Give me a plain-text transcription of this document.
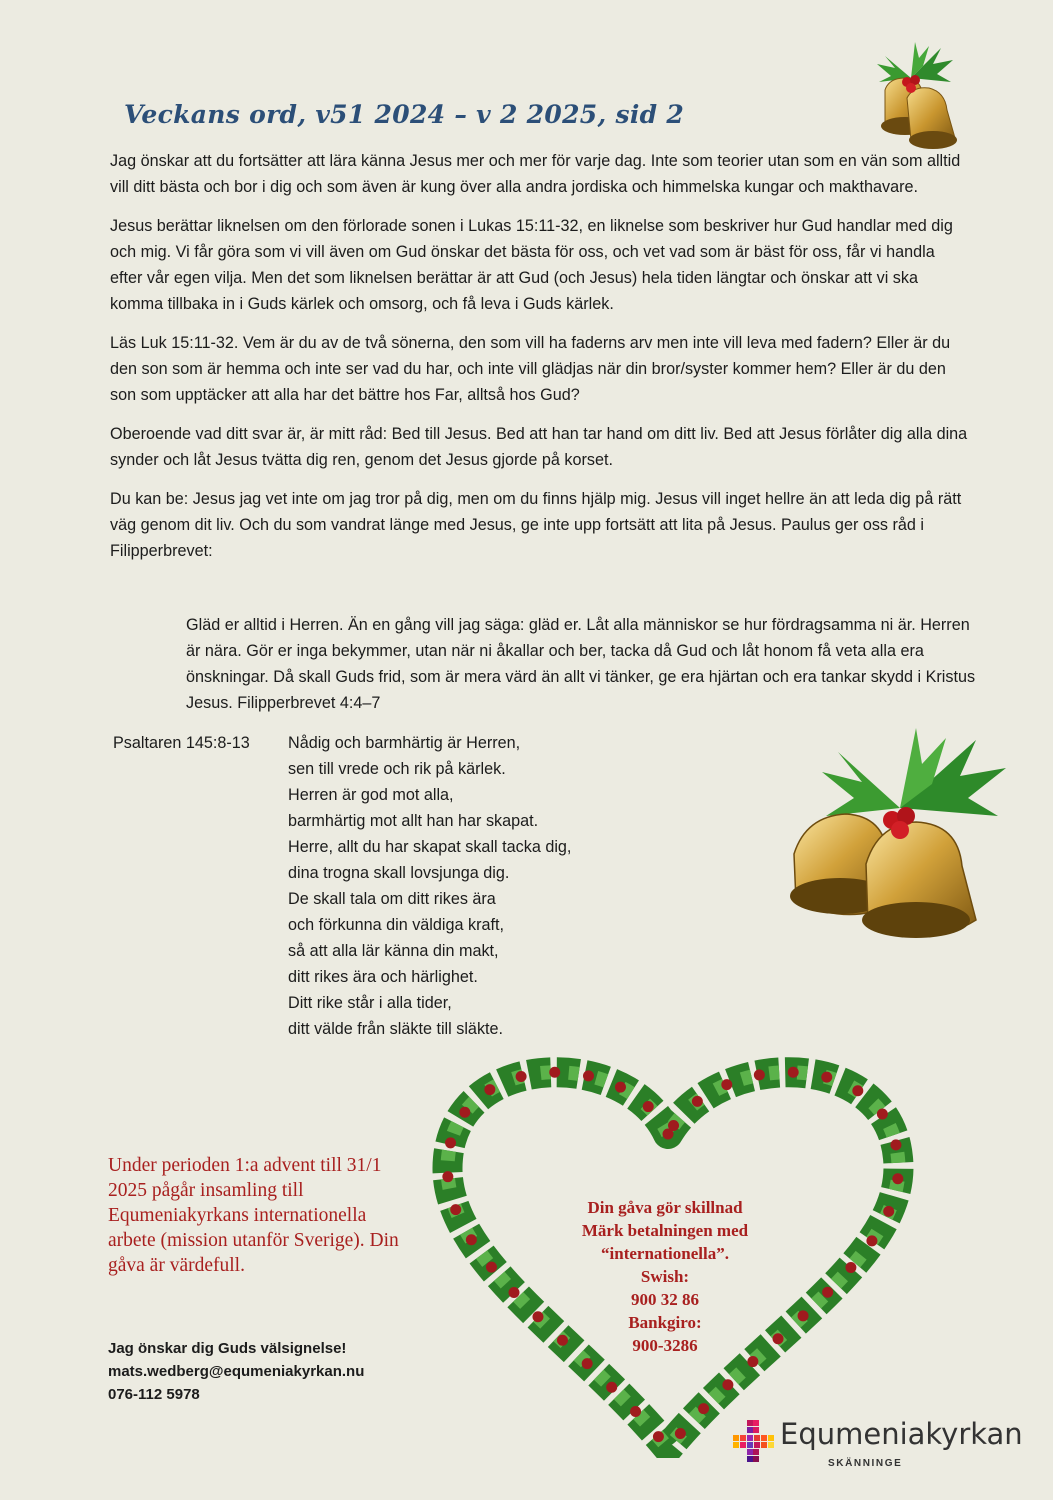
Veckans ord, v51 2024 – v 2 2025, sid 2

Jag önskar att du fortsätter att lära känna Jesus mer och mer för varje dag. Inte som teorier utan som en vän som alltid vill ditt bästa och bor i dig och som även är kung över alla andra jordiska och himmelska kungar och makthavare.

Jesus berättar liknelsen om den förlorade sonen i Lukas 15:11-32, en liknelse som beskriver hur Gud handlar med dig och mig. Vi får göra som vi vill även om Gud önskar det bästa för oss, och vet vad som är bäst för oss, får vi handla efter vår egen vilja. Men det som liknelsen berättar är att Gud (och Jesus) hela tiden längtar och önskar att vi ska komma tillbaka in i Guds kärlek och omsorg, och få leva i Guds kärlek.

Läs Luk 15:11-32. Vem är du av de två sönerna, den som vill ha faderns arv men inte vill leva med fadern? Eller är du den son som är hemma och inte ser vad du har, och inte vill glädjas när din bror/syster kommer hem? Eller är du den son som upptäcker att alla har det bättre hos Far, alltså hos Gud?

Oberoende vad ditt svar är, är mitt råd: Bed till Jesus. Bed att han tar hand om ditt liv. Bed att Jesus förlåter dig alla dina synder och låt Jesus tvätta dig ren, genom det Jesus gjorde på korset.

Du kan be: Jesus jag vet inte om jag tror på dig, men om du finns hjälp mig. Jesus vill inget hellre än att leda dig på rätt väg genom dit liv. Och du som vandrat länge med Jesus, ge inte upp fortsätt att lita på Jesus. Paulus ger oss råd i Filipperbrevet:

Gläd er alltid i Herren. Än en gång vill jag säga: gläd er. Låt alla människor se hur fördragsamma ni är. Herren är nära. Gör er inga bekymmer, utan när ni åkallar och ber, tacka då Gud och låt honom få veta alla era önskningar. Då skall Guds frid, som är mera värd än allt vi tänker, ge era hjärtan och era tankar skydd i Kristus Jesus. Filipperbrevet 4:4–7

Psaltaren 145:8-13 Nådig och barmhärtig är Herren,
sen till vrede och rik på kärlek.
Herren är god mot alla,
barmhärtig mot allt han har skapat.
Herre, allt du har skapat skall tacka dig,
dina trogna skall lovsjunga dig.
De skall tala om ditt rikes ära
och förkunna din väldiga kraft,
så att alla lär känna din makt,
ditt rikes ära och härlighet.
Ditt rike står i alla tider,
ditt välde från släkte till släkte.

Under perioden 1:a advent till 31/1 2025 pågår insamling till Equmeniakyrkans internationella arbete (mission utanför Sverige). Din gåva är värdefull.

Din gåva gör skillnad
Märk betalningen med
“internationella”.
Swish:
900 32 86
Bankgiro:
900-3286
Jag önskar dig Guds välsignelse!
mats.wedberg@equmeniakyrkan.nu
076-112 5978
Equmeniakyrkan
SKÄNNINGE
